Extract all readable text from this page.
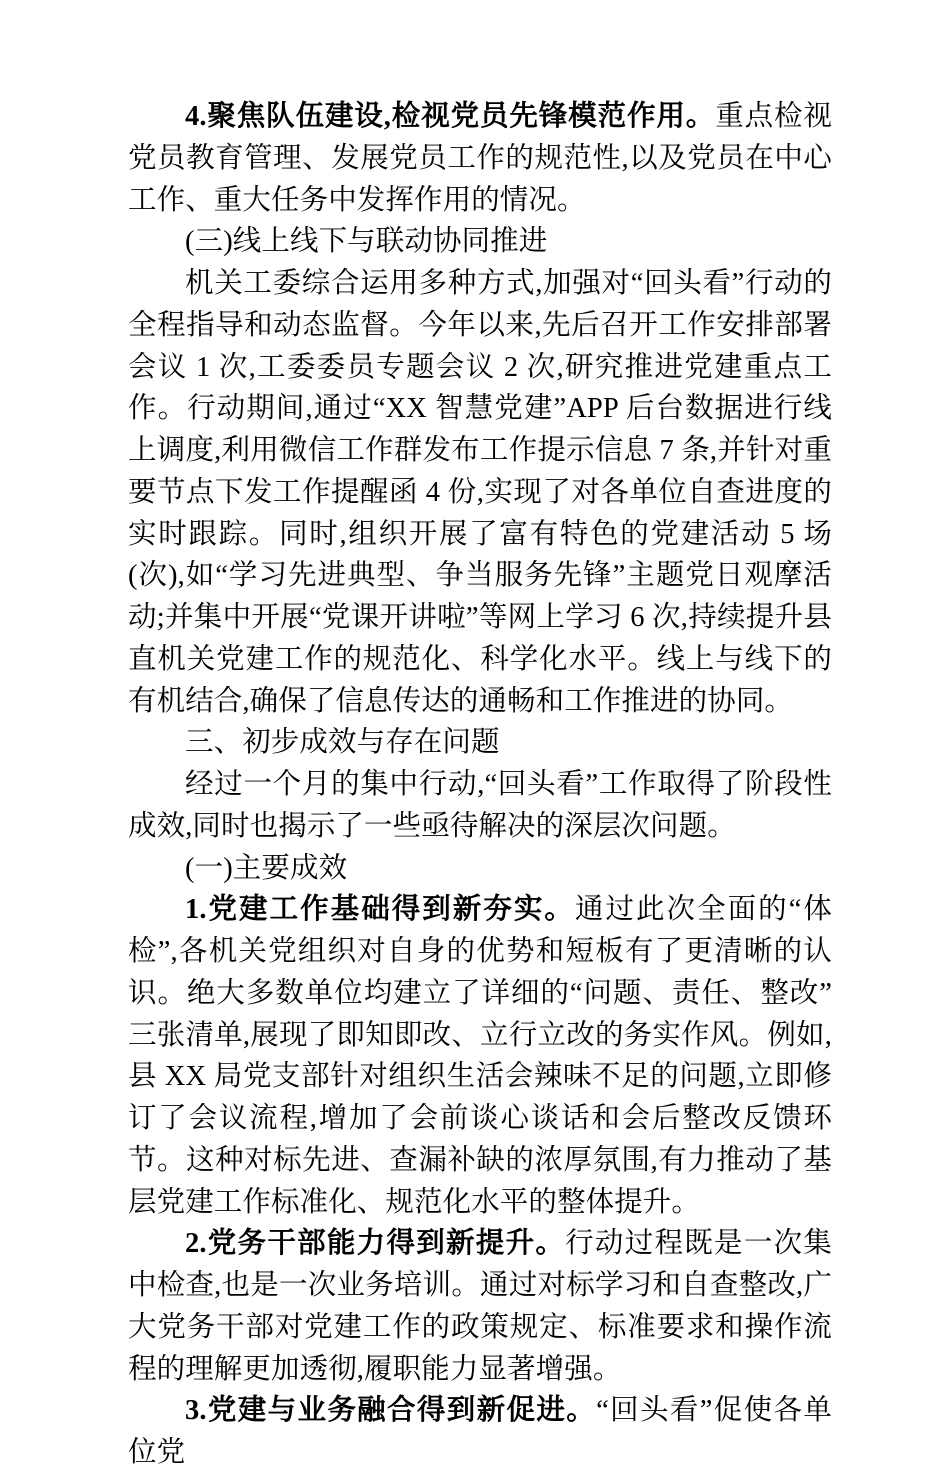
4.聚焦队伍建设,检视党员先锋模范作用。重点检视党员教育管理、发展党员工作的规范性,以及党员在中心工作、重大任务中发挥作用的情况。

(三)线上线下与联动协同推进

机关工委综合运用多种方式,加强对“回头看”行动的全程指导和动态监督。今年以来,先后召开工作安排部署会议 1 次,工委委员专题会议 2 次,研究推进党建重点工作。行动期间,通过“XX 智慧党建”APP 后台数据进行线上调度,利用微信工作群发布工作提示信息 7 条,并针对重要节点下发工作提醒函 4 份,实现了对各单位自查进度的实时跟踪。同时,组织开展了富有特色的党建活动 5 场(次),如“学习先进典型、争当服务先锋”主题党日观摩活动;并集中开展“党课开讲啦”等网上学习 6 次,持续提升县直机关党建工作的规范化、科学化水平。线上与线下的有机结合,确保了信息传达的通畅和工作推进的协同。

三、初步成效与存在问题

经过一个月的集中行动,“回头看”工作取得了阶段性成效,同时也揭示了一些亟待解决的深层次问题。

(一)主要成效

1.党建工作基础得到新夯实。通过此次全面的“体检”,各机关党组织对自身的优势和短板有了更清晰的认识。绝大多数单位均建立了详细的“问题、责任、整改”三张清单,展现了即知即改、立行立改的务实作风。例如,县 XX 局党支部针对组织生活会辣味不足的问题,立即修订了会议流程,增加了会前谈心谈话和会后整改反馈环节。这种对标先进、查漏补缺的浓厚氛围,有力推动了基层党建工作标准化、规范化水平的整体提升。

2.党务干部能力得到新提升。行动过程既是一次集中检查,也是一次业务培训。通过对标学习和自查整改,广大党务干部对党建工作的政策规定、标准要求和操作流程的理解更加透彻,履职能力显著增强。

3.党建与业务融合得到新促进。“回头看”促使各单位党
